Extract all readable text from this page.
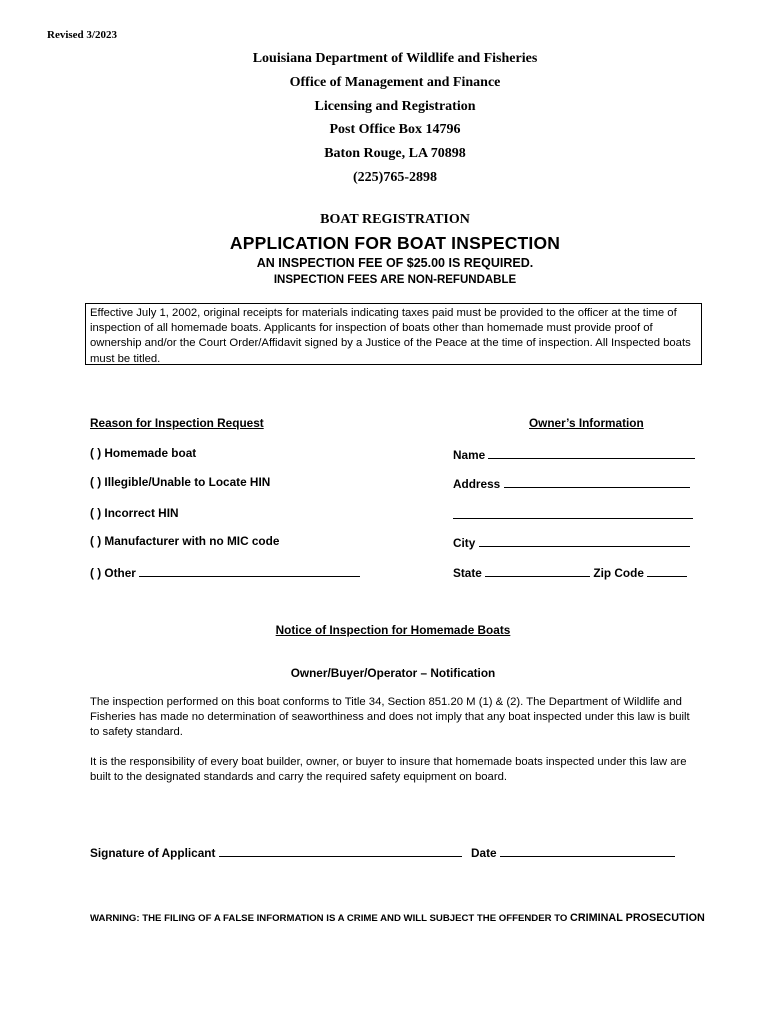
Revised 3/2023
Louisiana Department of Wildlife and Fisheries
Office of Management and Finance
Licensing and Registration
Post Office Box 14796
Baton Rouge, LA 70898
(225)765-2898
BOAT REGISTRATION
APPLICATION FOR BOAT INSPECTION
AN INSPECTION FEE OF $25.00 IS REQUIRED.
INSPECTION FEES ARE NON-REFUNDABLE
Effective July 1, 2002, original receipts for materials indicating taxes paid must be provided to the officer at the time of inspection of all homemade boats. Applicants for inspection of boats other than homemade must provide proof of ownership and/or the Court Order/Affidavit signed by a Justice of the Peace at the time of inspection. All Inspected boats must be titled.
Reason for Inspection Request
( ) Homemade boat
( ) Illegible/Unable to Locate HIN
( ) Incorrect HIN
( ) Manufacturer with no MIC code
( ) Other
Owner’s Information
Name
Address
City
State	Zip Code
Notice of Inspection for Homemade Boats
Owner/Buyer/Operator – Notification
The inspection performed on this boat conforms to Title 34, Section 851.20 M (1) & (2). The Department of Wildlife and Fisheries has made no determination of seaworthiness and does not imply that any boat inspected under this law is built to safety standard.
It is the responsibility of every boat builder, owner, or buyer to insure that homemade boats inspected under this law are built to the designated standards and carry the required safety equipment on board.
Signature of Applicant	Date
WARNING: THE FILING OF A FALSE INFORMATION IS A CRIME AND WILL SUBJECT THE OFFENDER TO CRIMINAL PROSECUTION
